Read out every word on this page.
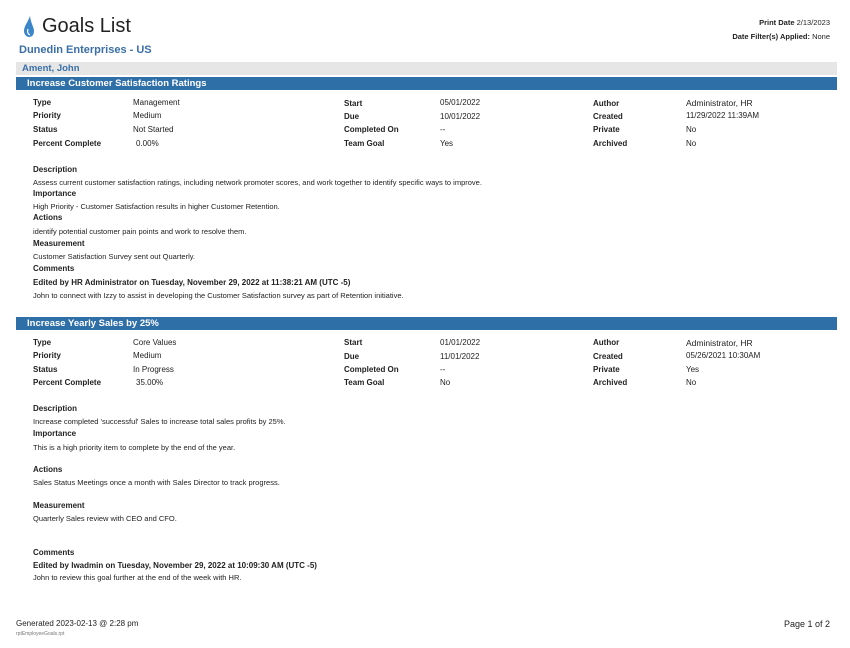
Goals List
Dunedin Enterprises - US
Print Date 2/13/2023
Date Filter(s) Applied: None
Ament, John
Increase Customer Satisfaction Ratings
Type
Priority
Status
Percent Complete
Management
Medium
Not Started
0.00%
Start
Due
Completed On
Team Goal
05/01/2022
10/01/2022
--
Yes
Author
Created
Private
Archived
Administrator, HR
11/29/2022 11:39AM
No
No
Description
Assess current customer satisfaction ratings, including network promoter scores, and work together to identify specific ways to improve.
Importance
High Priority - Customer Satisfaction results in higher Customer Retention.
Actions
identify potential customer pain points and work to resolve them.
Measurement
Customer Satisfaction Survey sent out Quarterly.
Comments
Edited by HR Administrator on Tuesday, November 29, 2022 at 11:38:21 AM (UTC -5)
John to connect with Izzy to assist in developing the Customer Satisfaction survey as part of Retention initiative.
Increase Yearly Sales by 25%
Type
Priority
Status
Percent Complete
Core Values
Medium
In Progress
35.00%
Start
Due
Completed On
Team Goal
01/01/2022
11/01/2022
--
No
Author
Created
Private
Archived
Administrator, HR
05/26/2021 10:30AM
Yes
No
Description
Increase completed 'successful' Sales to increase total sales profits by 25%.
Importance
This is a high priority item to complete by the end of the year.
Actions
Sales Status Meetings once a month with Sales Director to track progress.
Measurement
Quarterly Sales review with CEO and CFO.
Comments
Edited by lwadmin on Tuesday, November 29, 2022 at 10:09:30 AM (UTC -5)
John to review this goal further at the end of the week with HR.
Generated 2023-02-13 @ 2:28 pm
rptEmployeeGoals.rpt
Page 1 of 2
